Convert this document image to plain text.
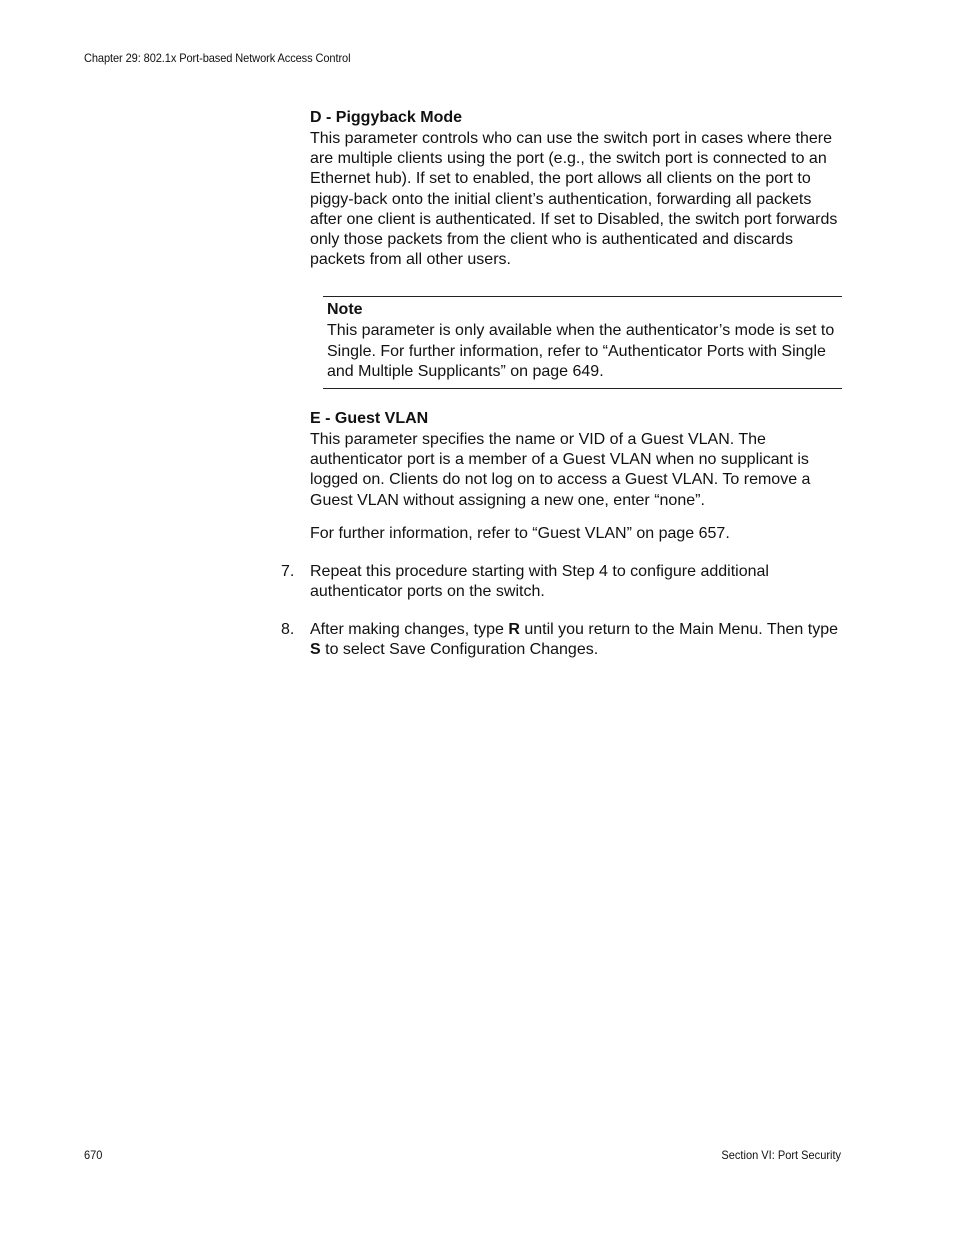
Chapter 29: 802.1x Port-based Network Access Control

D - Piggyback Mode

This parameter controls who can use the switch port in cases where there are multiple clients using the port (e.g., the switch port is connected to an Ethernet hub). If set to enabled, the port allows all clients on the port to piggy-back onto the initial client’s authentication, forwarding all packets after one client is authenticated. If set to Disabled, the switch port forwards only those packets from the client who is authenticated and discards packets from all other users.

Note

This parameter is only available when the authenticator’s mode is set to Single. For further information, refer to “Authenticator Ports with Single and Multiple Supplicants” on page 649.

E - Guest VLAN

This parameter specifies the name or VID of a Guest VLAN. The authenticator port is a member of a Guest VLAN when no supplicant is logged on. Clients do not log on to access a Guest VLAN. To remove a Guest VLAN without assigning a new one, enter “none”.

For further information, refer to “Guest VLAN” on page 657.

7. Repeat this procedure starting with Step 4 to configure additional authenticator ports on the switch.
8. After making changes, type R until you return to the Main Menu. Then type S to select Save Configuration Changes.
670	Section VI: Port Security
